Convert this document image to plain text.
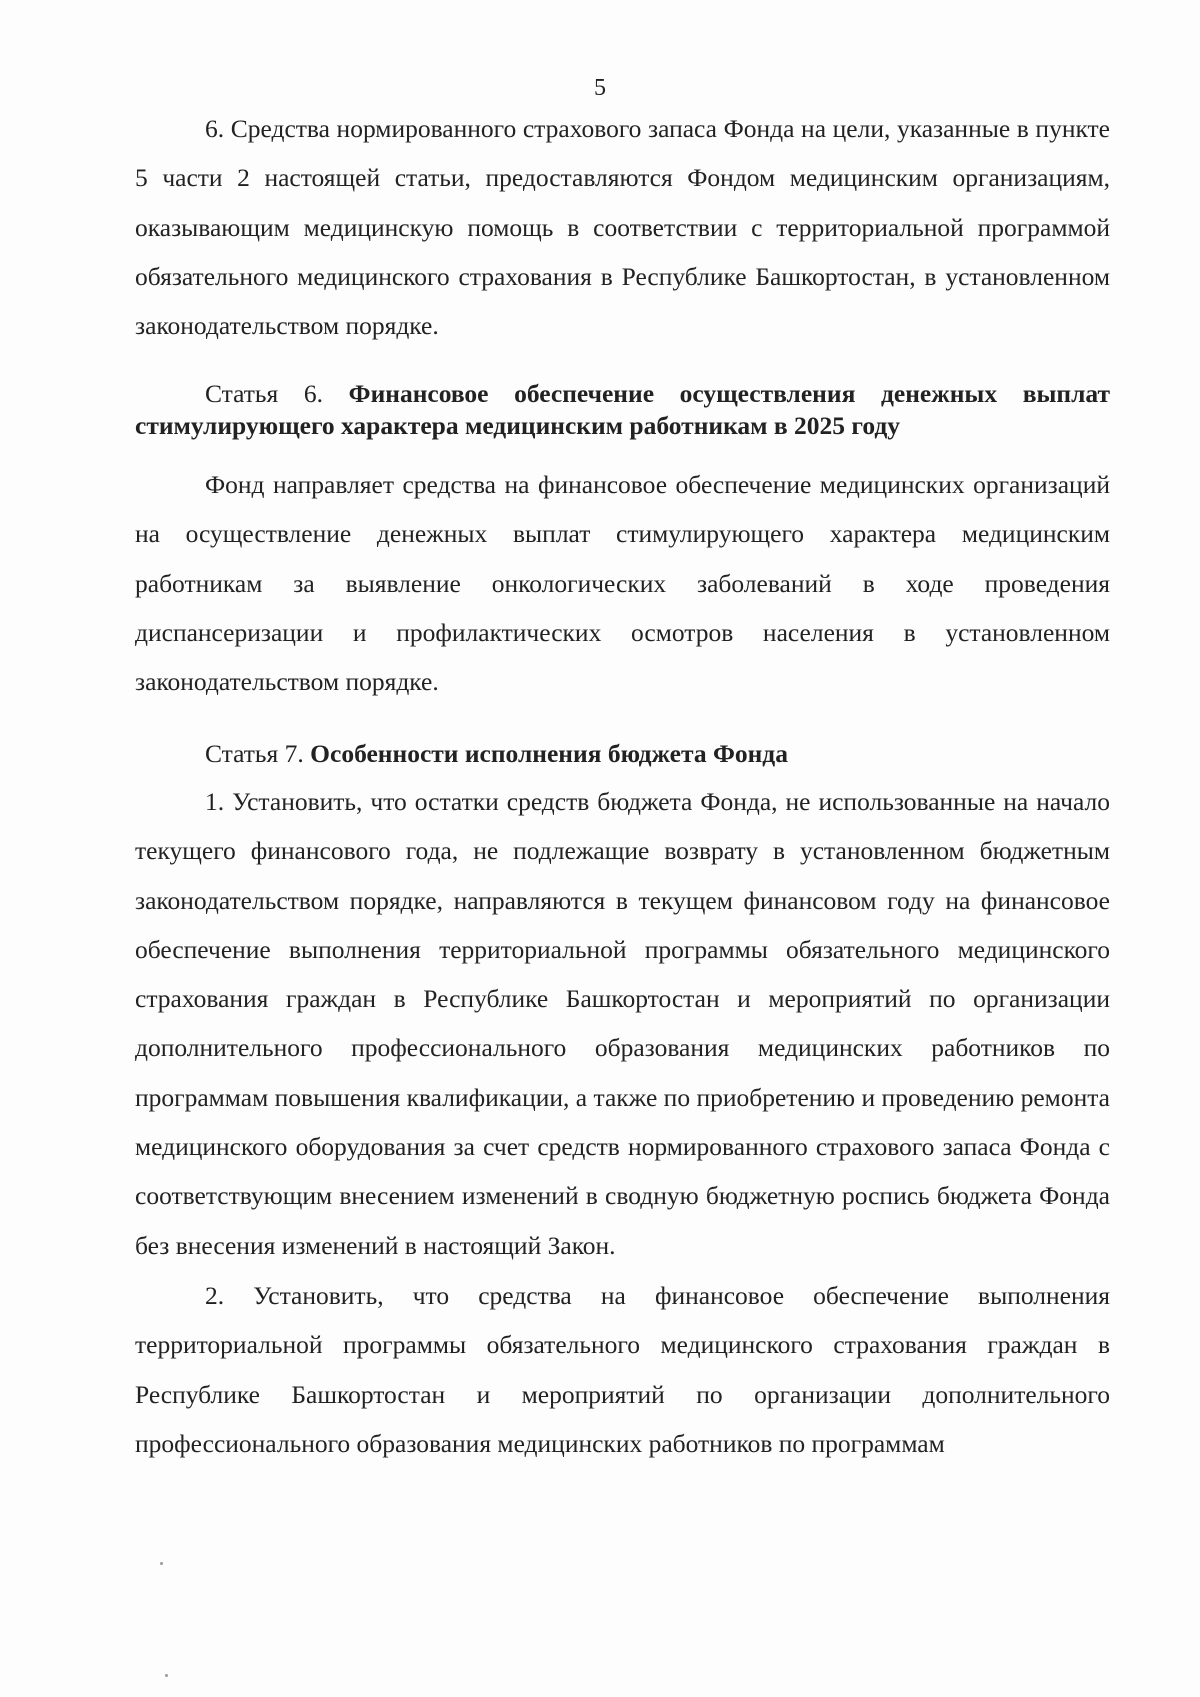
5
6. Средства нормированного страхового запаса Фонда на цели, указанные в пункте 5 части 2 настоящей статьи, предоставляются Фондом медицинским организациям, оказывающим медицинскую помощь в соответствии с территориальной программой обязательного медицинского страхования в Республике Башкортостан, в установленном законодательством порядке.
Статья 6. Финансовое обеспечение осуществления денежных выплат стимулирующего характера медицинским работникам в 2025 году
Фонд направляет средства на финансовое обеспечение медицинских организаций на осуществление денежных выплат стимулирующего характера медицинским работникам за выявление онкологических заболеваний в ходе проведения диспансеризации и профилактических осмотров населения в установленном законодательством порядке.
Статья 7. Особенности исполнения бюджета Фонда
1. Установить, что остатки средств бюджета Фонда, не использованные на начало текущего финансового года, не подлежащие возврату в установленном бюджетным законодательством порядке, направляются в текущем финансовом году на финансовое обеспечение выполнения территориальной программы обязательного медицинского страхования граждан в Республике Башкортостан и мероприятий по организации дополнительного профессионального образования медицинских работников по программам повышения квалификации, а также по приобретению и проведению ремонта медицинского оборудования за счет средств нормированного страхового запаса Фонда с соответствующим внесением изменений в сводную бюджетную роспись бюджета Фонда без внесения изменений в настоящий Закон.
2. Установить, что средства на финансовое обеспечение выполнения территориальной программы обязательного медицинского страхования граждан в Республике Башкортостан и мероприятий по организации дополнительного профессионального образования медицинских работников по программам
